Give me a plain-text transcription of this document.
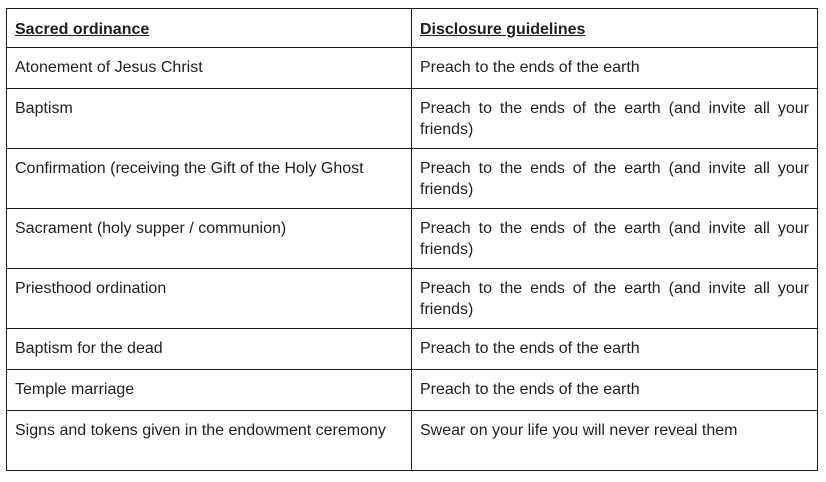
Sacred ordinance	Disclosure guidelines
Atonement of Jesus Christ	Preach to the ends of the earth
Baptism	Preach to the ends of the earth (and invite all your friends)
Confirmation (receiving the Gift of the Holy Ghost	Preach to the ends of the earth (and invite all your friends)
Sacrament (holy supper / communion)	Preach to the ends of the earth (and invite all your friends)
Priesthood ordination	Preach to the ends of the earth (and invite all your friends)
Baptism for the dead	Preach to the ends of the earth
Temple marriage	Preach to the ends of the earth
Signs and tokens given in the endowment ceremony	Swear on your life you will never reveal them
